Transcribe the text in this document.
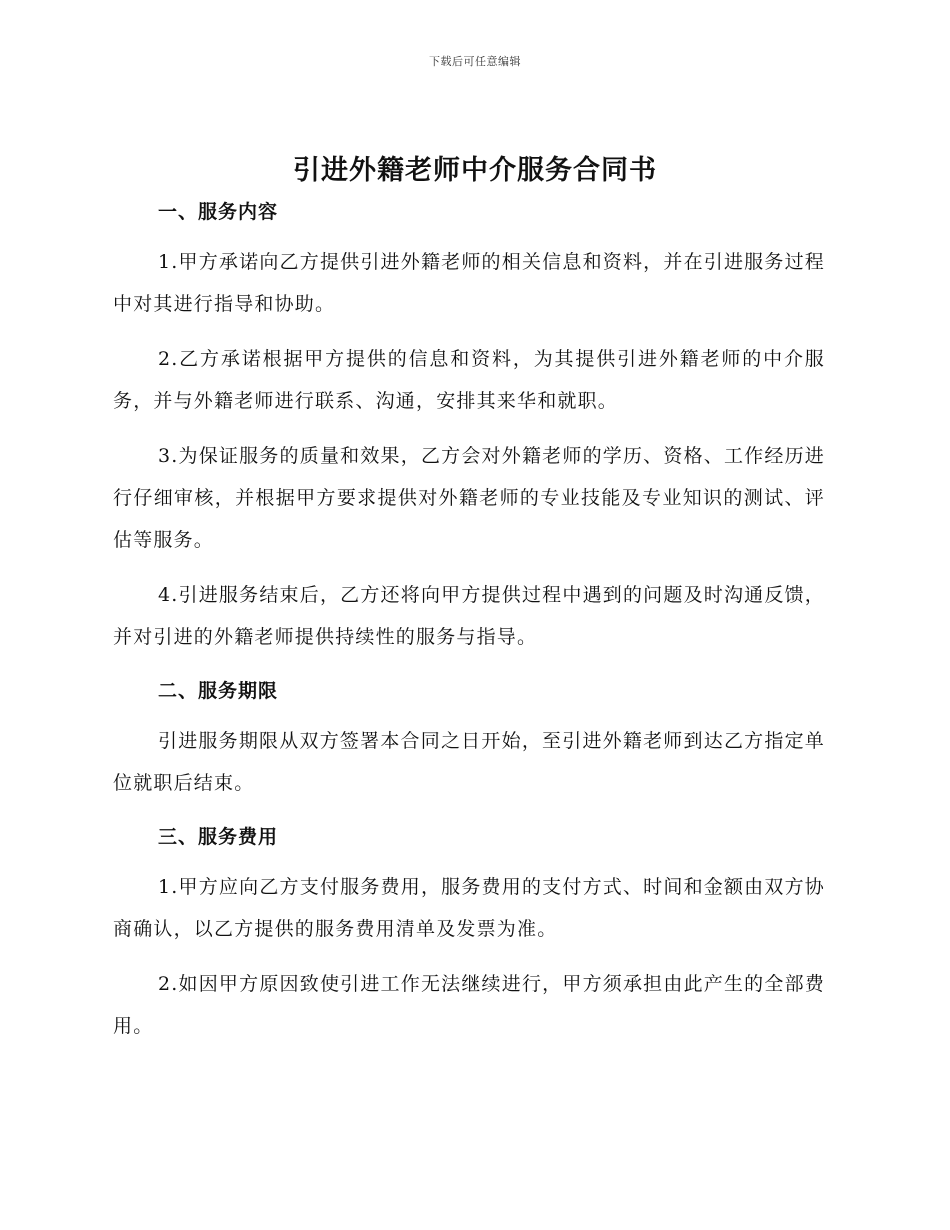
下载后可任意编辑
引进外籍老师中介服务合同书
一、服务内容

1.甲方承诺向乙方提供引进外籍老师的相关信息和资料，并在引进服务过程中对其进行指导和协助。

2.乙方承诺根据甲方提供的信息和资料，为其提供引进外籍老师的中介服务，并与外籍老师进行联系、沟通，安排其来华和就职。

3.为保证服务的质量和效果，乙方会对外籍老师的学历、资格、工作经历进行仔细审核，并根据甲方要求提供对外籍老师的专业技能及专业知识的测试、评估等服务。

4.引进服务结束后，乙方还将向甲方提供过程中遇到的问题及时沟通反馈，并对引进的外籍老师提供持续性的服务与指导。

二、服务期限

引进服务期限从双方签署本合同之日开始，至引进外籍老师到达乙方指定单位就职后结束。

三、服务费用

1.甲方应向乙方支付服务费用，服务费用的支付方式、时间和金额由双方协商确认，以乙方提供的服务费用清单及发票为准。

2.如因甲方原因致使引进工作无法继续进行，甲方须承担由此产生的全部费用。
